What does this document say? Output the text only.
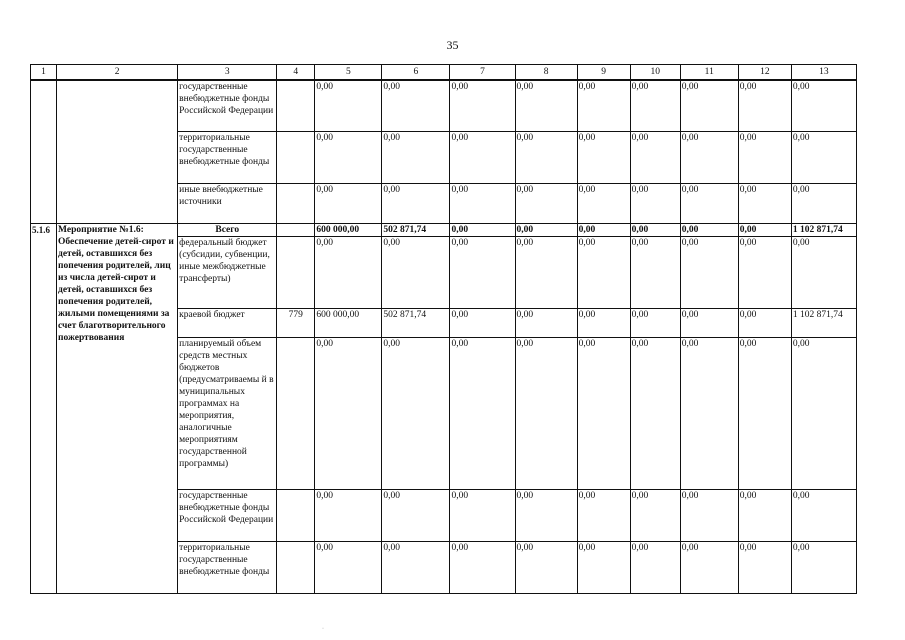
35
1	2	3	4	5	6	7	8	9	10	11	12	13
		государственные внебюджетные фонды Российской Федерации		0,00	0,00	0,00	0,00	0,00	0,00	0,00	0,00	0,00
		территориальные государственные внебюджетные фонды		0,00	0,00	0,00	0,00	0,00	0,00	0,00	0,00	0,00
		иные внебюджетные источники		0,00	0,00	0,00	0,00	0,00	0,00	0,00	0,00	0,00
5.1.6	Мероприятие №1.6: Обеспечение детей-сирот и детей, оставшихся без попечения родителей, лиц из числа детей-сирот и детей, оставшихся без попечения родителей, жилыми помещениями за счет благотворительного пожертвования	Всего		600 000,00	502 871,74	0,00	0,00	0,00	0,00	0,00	0,00	1 102 871,74
		федеральный бюджет (субсидии, субвенции, иные межбюджетные трансферты)		0,00	0,00	0,00	0,00	0,00	0,00	0,00	0,00	0,00
		краевой бюджет	779	600 000,00	502 871,74	0,00	0,00	0,00	0,00	0,00	0,00	1 102 871,74
		планируемый объем средств местных бюджетов (предусматриваемы й в муниципальных программах на мероприятия, аналогичные мероприятиям государственной программы)		0,00	0,00	0,00	0,00	0,00	0,00	0,00	0,00	0,00
		государственные внебюджетные фонды Российской Федерации		0,00	0,00	0,00	0,00	0,00	0,00	0,00	0,00	0,00
		территориальные государственные внебюджетные фонды		0,00	0,00	0,00	0,00	0,00	0,00	0,00	0,00	0,00
·
